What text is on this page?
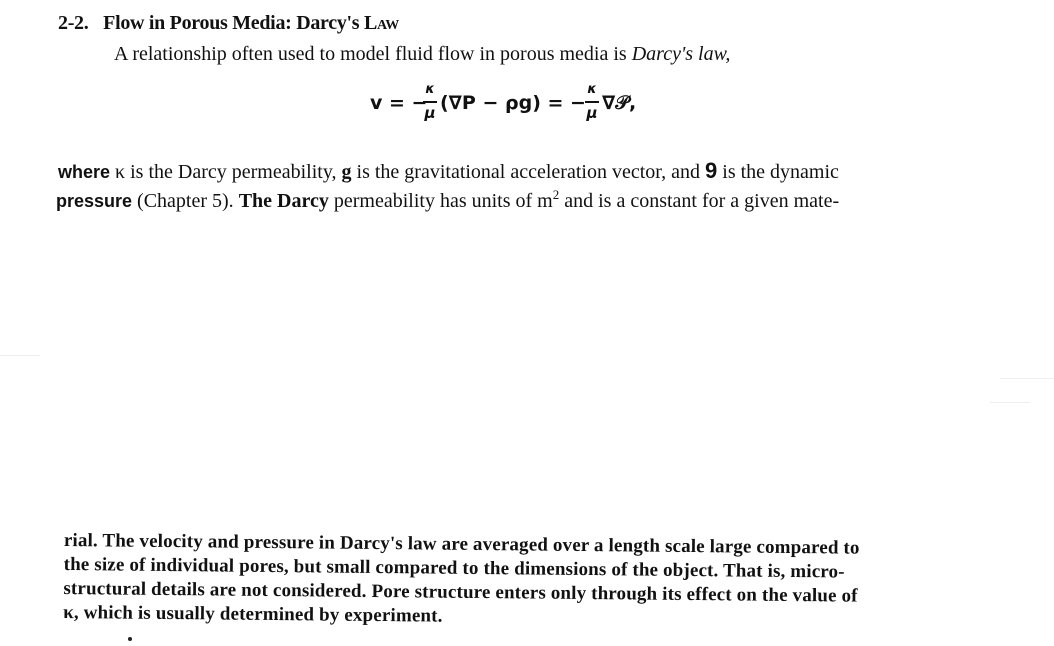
2-2. Flow in Porous Media: Darcy's Law
A relationship often used to model fluid flow in porous media is Darcy's law,
v = −
κ
μ (∇P − ρg) = −
κ
μ ∇𝒫,
where κ is the Darcy permeability, g is the gravitational acceleration vector, and 9 is the dynamic
pressure (Chapter 5). The Darcy permeability has units of $m^2$ and is a constant for a given mate-
rial. The velocity and pressure in Darcy's law are averaged over a length scale large compared to
the size of individual pores, but small compared to the dimensions of the object. That is, micro-
structural details are not considered. Pore structure enters only through its effect on the value of
κ, which is usually determined by experiment.
